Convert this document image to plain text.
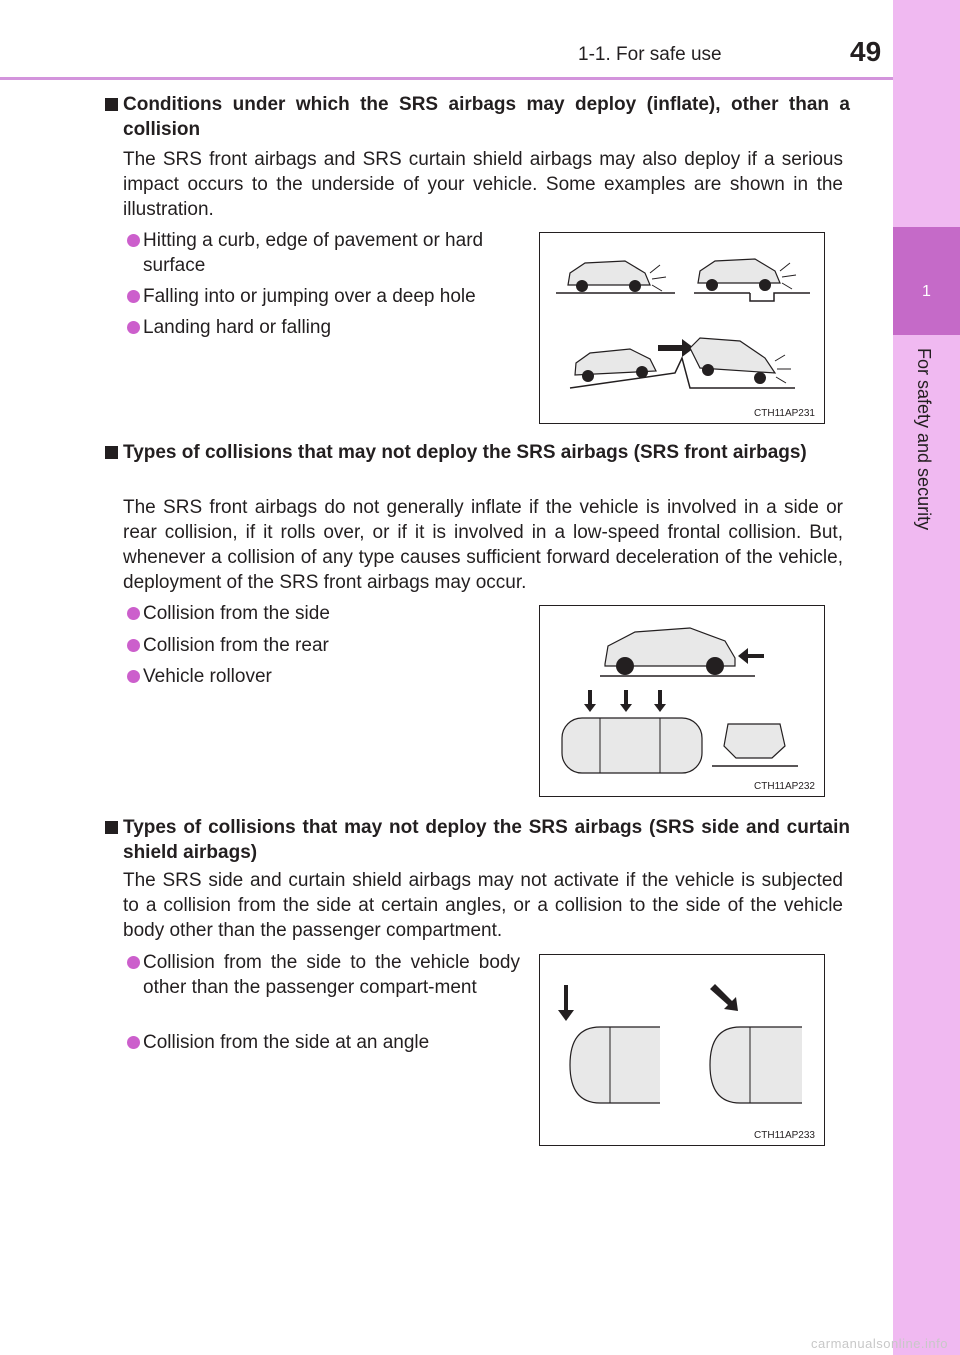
1-1. For safe use	49
1
For safety and security
Conditions under which the SRS airbags may deploy (inflate), other than a collision
The SRS front airbags and SRS curtain shield airbags may also deploy if a serious impact occurs to the underside of your vehicle. Some examples are shown in the illustration.
Hitting a curb, edge of pavement or hard surface
Falling into or jumping over a deep hole
Landing hard or falling
CTH11AP231
Types of collisions that may not deploy the SRS airbags (SRS front airbags)
The SRS front airbags do not generally inflate if the vehicle is involved in a side or rear collision, if it rolls over, or if it is involved in a low-speed frontal collision. But, whenever a collision of any type causes sufficient forward deceleration of the vehicle, deployment of the SRS front airbags may occur.
Collision from the side
Collision from the rear
Vehicle rollover
CTH11AP232
Types of collisions that may not deploy the SRS airbags (SRS side and curtain shield airbags)
The SRS side and curtain shield airbags may not activate if the vehicle is subjected to a collision from the side at certain angles, or a collision to the side of the vehicle body other than the passenger compartment.
Collision from the side to the vehicle body other than the passenger compart-ment
Collision from the side at an angle
CTH11AP233
carmanualsonline.info
